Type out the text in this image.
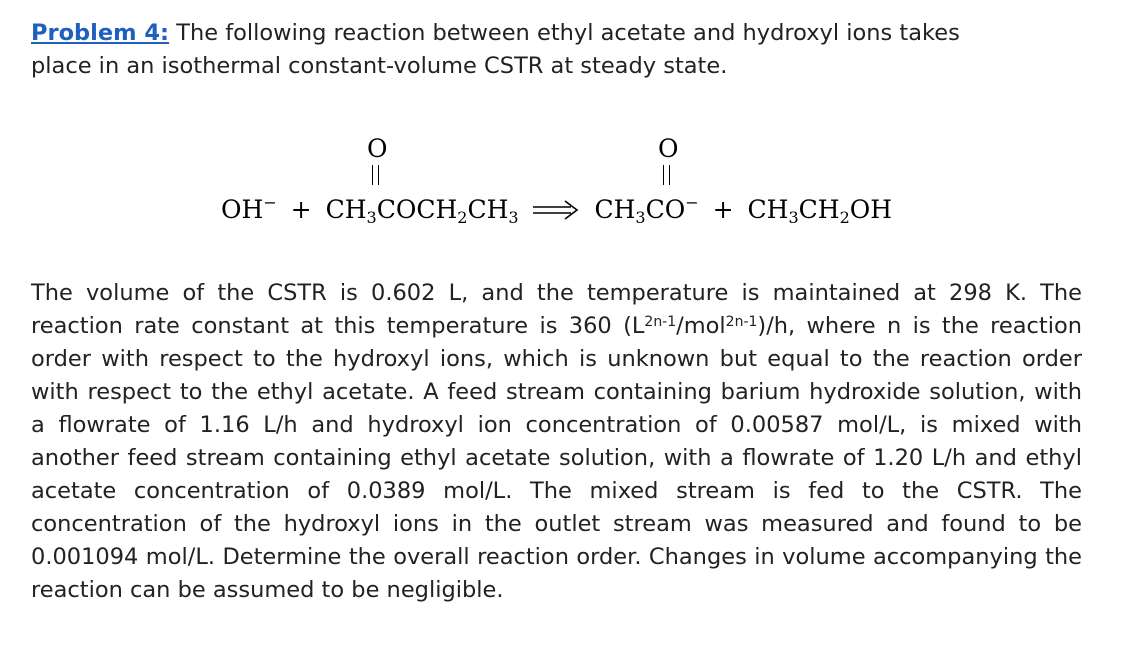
Problem 4: The following reaction between ethyl acetate and hydroxyl ions takes
place in an isothermal constant-volume CSTR at steady state.

O	O
$OH^- + CH_3COCH_2CH_3$	$CH_3CO^- + CH_3CH_2OH$

The volume of the CSTR is 0.602 L, and the temperature is maintained at 298 K. The reaction rate constant at this temperature is 360 $(L^{2n-1}/mol^{2n-1})/h$, where n is the reaction order with respect to the hydroxyl ions, which is unknown but equal to the reaction order with respect to the ethyl acetate. A feed stream containing barium hydroxide solution, with a flowrate of 1.16 L/h and hydroxyl ion concentration of 0.00587 mol/L, is mixed with another feed stream containing ethyl acetate solution, with a flowrate of 1.20 L/h and ethyl acetate concentration of 0.0389 mol/L. The mixed stream is fed to the CSTR. The concentration of the hydroxyl ions in the outlet stream was measured and found to be 0.001094 mol/L. Determine the overall reaction order. Changes in volume accompanying the reaction can be assumed to be negligible.
